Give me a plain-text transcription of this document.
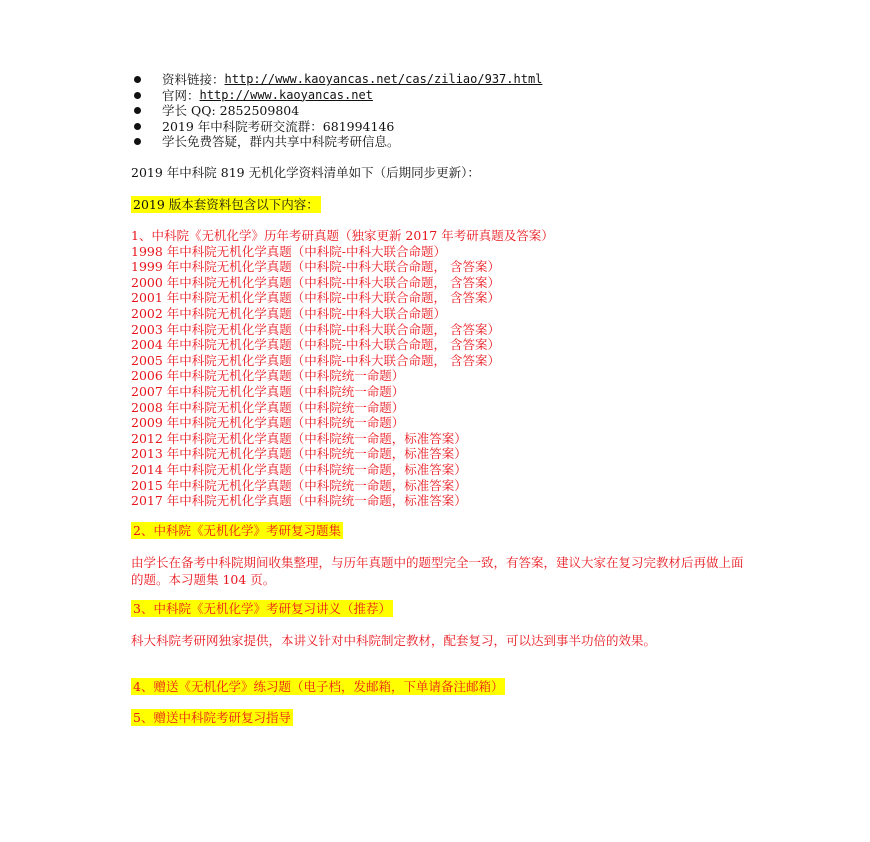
资料链接： http://www.kaoyancas.net/cas/ziliao/937.html
官网： http://www.kaoyancas.net
学长 QQ: 2852509804
2019 年中科院考研交流群：681994146
学长免费答疑，群内共享中科院考研信息。
2019 年中科院 819 无机化学资料清单如下（后期同步更新）：
2019 版本套资料包含以下内容：
1、中科院《无机化学》历年考研真题（独家更新 2017 年考研真题及答案）
1998 年中科院无机化学真题（中科院-中科大联合命题）
1999 年中科院无机化学真题（中科院-中科大联合命题， 含答案）
2000 年中科院无机化学真题（中科院-中科大联合命题， 含答案）
2001 年中科院无机化学真题（中科院-中科大联合命题， 含答案）
2002 年中科院无机化学真题（中科院-中科大联合命题）
2003 年中科院无机化学真题（中科院-中科大联合命题， 含答案）
2004 年中科院无机化学真题（中科院-中科大联合命题， 含答案）
2005 年中科院无机化学真题（中科院-中科大联合命题， 含答案）
2006 年中科院无机化学真题（中科院统一命题）
2007 年中科院无机化学真题（中科院统一命题）
2008 年中科院无机化学真题（中科院统一命题）
2009 年中科院无机化学真题（中科院统一命题）
2012 年中科院无机化学真题（中科院统一命题，标准答案）
2013 年中科院无机化学真题（中科院统一命题，标准答案）
2014 年中科院无机化学真题（中科院统一命题，标准答案）
2015 年中科院无机化学真题（中科院统一命题，标准答案）
2017 年中科院无机化学真题（中科院统一命题，标准答案）
2、中科院《无机化学》考研复习题集
由学长在备考中科院期间收集整理，与历年真题中的题型完全一致，有答案，建议大家在复习完教材后再做上面的题。本习题集 104 页。
3、中科院《无机化学》考研复习讲义（推荐）
科大科院考研网独家提供，本讲义针对中科院制定教材，配套复习，可以达到事半功倍的效果。
4、赠送《无机化学》练习题（电子档，发邮箱，下单请备注邮箱）
5、赠送中科院考研复习指导
